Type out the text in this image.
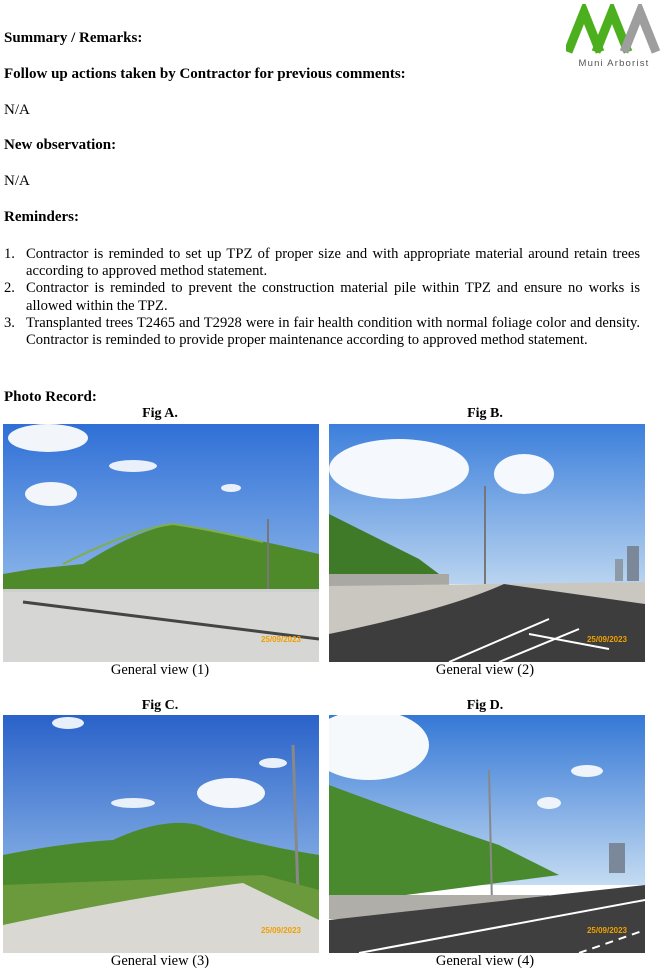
Muni Arborist
Summary / Remarks:
Follow up actions taken by Contractor for previous comments:
N/A
New observation:
N/A
Reminders:
1. Contractor is reminded to set up TPZ of proper size and with appropriate material around retain trees according to approved method statement.
2. Contractor is reminded to prevent the construction material pile within TPZ and ensure no works is allowed within the TPZ.
3. Transplanted trees T2465 and T2928 were in fair health condition with normal foliage color and density. Contractor is reminded to provide proper maintenance according to approved method statement.
Photo Record:
Fig A.
25/09/2023
General view (1)
Fig B.
25/09/2023
General view (2)
Fig C.
25/09/2023
General view (3)
Fig D.
25/09/2023
General view (4)
